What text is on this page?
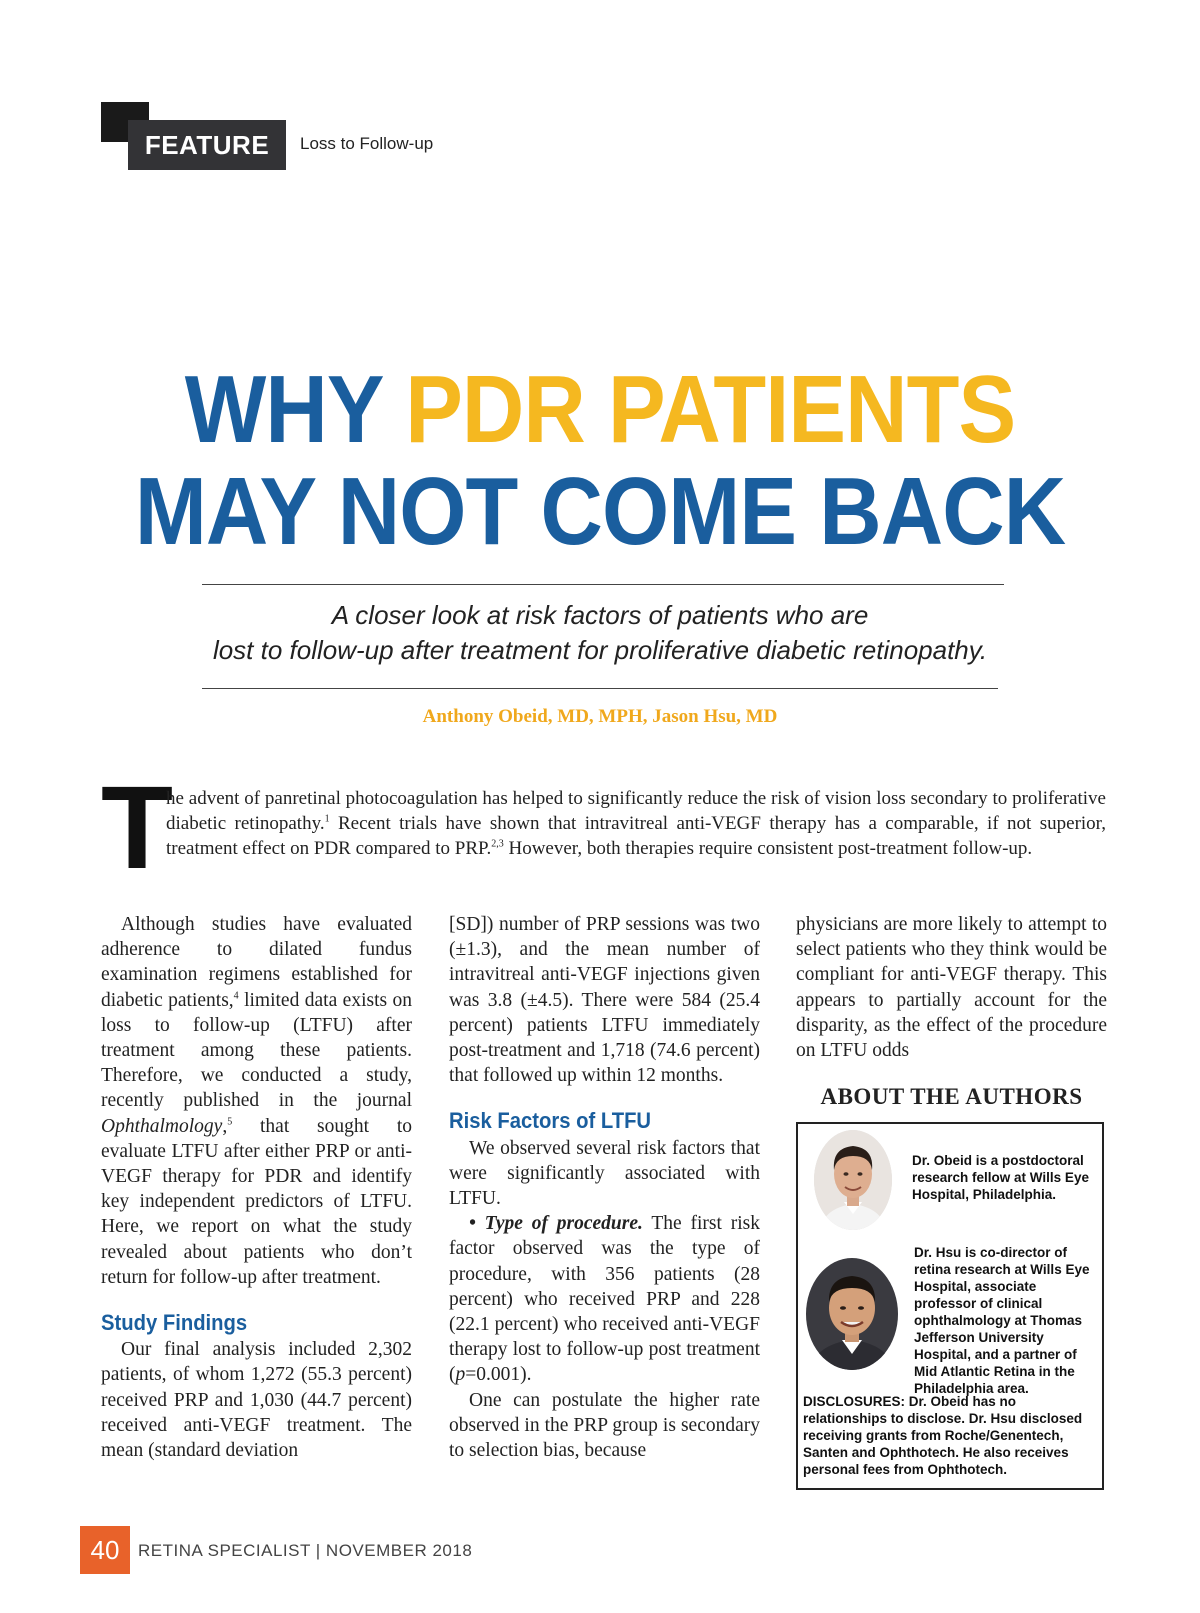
FEATURE	Loss to Follow-up
WHY PDR PATIENTS
MAY NOT COME BACK
A closer look at risk factors of patients who are
lost to follow-up after treatment for proliferative diabetic retinopathy.
Anthony Obeid, MD, MPH, Jason Hsu, MD
T
he advent of panretinal photocoagulation has helped to significantly reduce the risk of vision loss secondary to proliferative diabetic retinopathy.$^1$ Recent trials have shown that intravitreal anti-VEGF therapy has a comparable, if not superior, treatment effect on PDR compared to PRP.$^{2,3}$ However, both therapies require consistent post-treatment follow-up.

Although studies have evaluated adherence to dilated fundus examination regimens established for diabetic patients,$^4$ limited data exists on loss to follow-up (LTFU) after treatment among these patients. Therefore, we conducted a study, recently published in the journal Ophthalmology,$^5$ that sought to evaluate LTFU after either PRP or anti-VEGF therapy for PDR and identify key independent predictors of LTFU. Here, we report on what the study revealed about patients who don’t return for follow-up after treatment.

Study Findings

Our final analysis included 2,302 patients, of whom 1,272 (55.3 percent) received PRP and 1,030 (44.7 percent) received anti-VEGF treatment. The mean (standard deviation

[SD]) number of PRP sessions was two (±1.3), and the mean number of intravitreal anti-VEGF injections given was 3.8 (±4.5). There were 584 (25.4 percent) patients LTFU immediately post-treatment and 1,718 (74.6 percent) that followed up within 12 months.

Risk Factors of LTFU

We observed several risk factors that were significantly associated with LTFU.

• Type of procedure. The first risk factor observed was the type of procedure, with 356 patients (28 percent) who received PRP and 228 (22.1 percent) who received anti-VEGF therapy lost to follow-up post treatment (p=0.001).

One can postulate the higher rate observed in the PRP group is secondary to selection bias, because

physicians are more likely to attempt to select patients who they think would be compliant for anti-VEGF therapy. This appears to partially account for the disparity, as the effect of the procedure on LTFU odds

ABOUT THE AUTHORS
Dr. Obeid is a postdoctoral research fellow at Wills Eye Hospital, Philadelphia.
Dr. Hsu is co-director of retina research at Wills Eye Hospital, associate professor of clinical ophthalmology at Thomas Jefferson University Hospital, and a partner of Mid Atlantic Retina in the Philadelphia area.
DISCLOSURES: Dr. Obeid has no relationships to disclose. Dr. Hsu disclosed receiving grants from Roche/Genentech, Santen and Ophthotech. He also receives personal fees from Ophthotech.
40	RETINA SPECIALIST | NOVEMBER 2018
